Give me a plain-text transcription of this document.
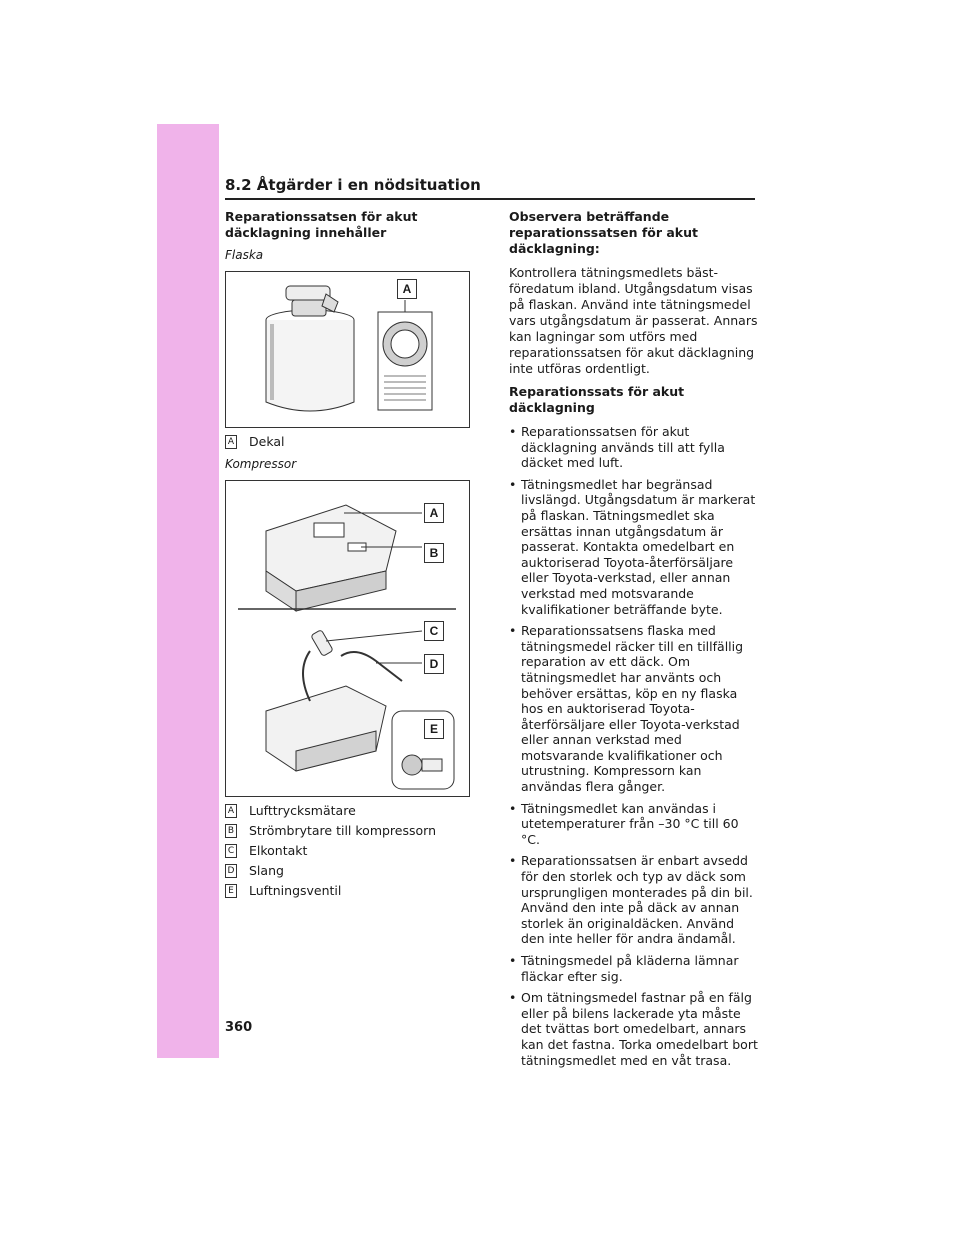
8.2 Åtgärder i en nödsituation
Reparationssatsen för akut däcklagning innehåller
Flaska
A
A Dekal
Kompressor
A
B
C
D
E
A Lufttrycksmätare
B Strömbrytare till kompressorn
C Elkontakt
D Slang
E Luftningsventil
Observera beträffande reparationssatsen för akut däcklagning:

Kontrollera tätningsmedlets bäst-föredatum ibland. Utgångsdatum visas på flaskan. Använd inte tätningsmedel vars utgångsdatum är passerat. Annars kan lagningar som utförs med reparationssatsen för akut däcklagning inte utföras ordentligt.

Reparationssats för akut däcklagning
• Reparationssatsen för akut däcklagning används till att fylla däcket med luft.
• Tätningsmedlet har begränsad livslängd. Utgångsdatum är markerat på flaskan. Tätningsmedlet ska ersättas innan utgångsdatum är passerat. Kontakta omedelbart en auktoriserad Toyota-återförsäljare eller Toyota-verkstad, eller annan verkstad med motsvarande kvalifikationer beträffande byte.
• Reparationssatsens flaska med tätningsmedel räcker till en tillfällig reparation av ett däck. Om tätningsmedlet har använts och behöver ersättas, köp en ny flaska hos en auktoriserad Toyota-återförsäljare eller Toyota-verkstad eller annan verkstad med motsvarande kvalifikationer och utrustning. Kompressorn kan användas flera gånger.
• Tätningsmedlet kan användas i utetemperaturer från –30 °C till 60 °C.
• Reparationssatsen är enbart avsedd för den storlek och typ av däck som ursprungligen monterades på din bil. Använd den inte på däck av annan storlek än originaldäcken. Använd den inte heller för andra ändamål.
• Tätningsmedel på kläderna lämnar fläckar efter sig.
• Om tätningsmedel fastnar på en fälg eller på bilens lackerade yta måste det tvättas bort omedelbart, annars kan det fastna. Torka omedelbart bort tätningsmedlet med en våt trasa.
360
